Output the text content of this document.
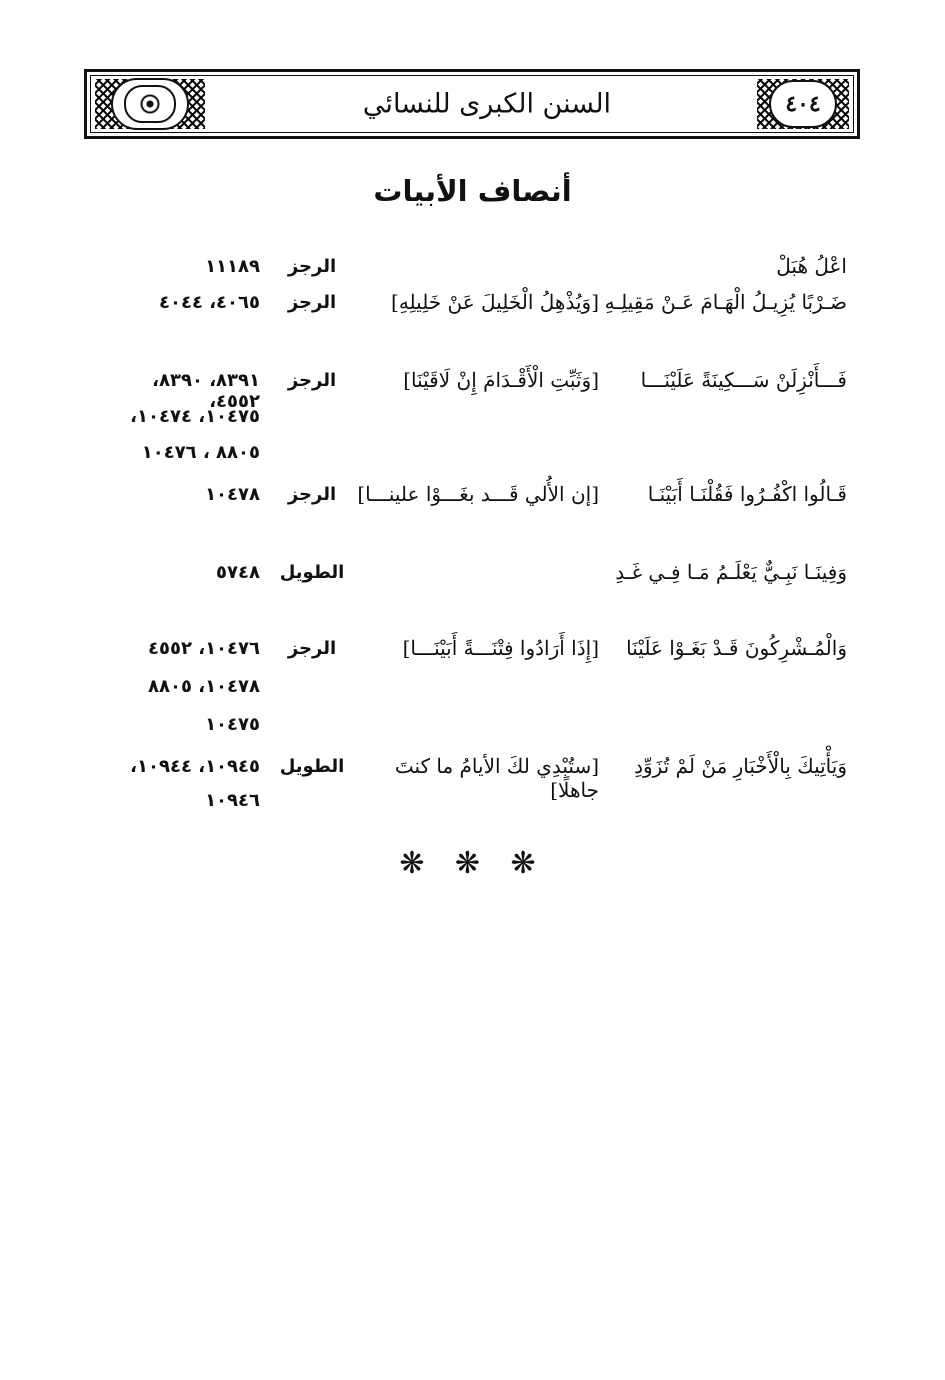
السنن الكبرى للنسائي	٤٠٤
أنصاف الأبيات
اعْلُ هُبَلْ
الرجز
١١١٨٩
ضَـرْبًا يُزِيـلُ الْهَـامَ عَـنْ مَقِيلِـهِ
[وَيُذْهِلُ الْخَلِيلَ عَنْ خَلِيلِهِ]
الرجز
٤٠٦٥، ٤٠٤٤
فَـــأَنْزِلَنْ سَـــكِينَةً عَلَيْنَـــا
[وَثَبِّتِ الْأَقْـدَامَ إِنْ لَاقَيْنَا]
الرجز
٨٣٩١، ٨٣٩٠، ٤٥٥٢،
١٠٤٧٥، ١٠٤٧٤،
٨٨٠٥ ، ١٠٤٧٦
قَـالُوا اكْفُـرُوا فَقُلْنَـا أَبَيْنَـا
[إن الأُلي قَـــد بغَـــوْا علينـــا]
الرجز
١٠٤٧٨
وَفِينَـا نَبِـيٌّ يَعْلَـمُ مَـا فِـي غَـدِ
الطويل
٥٧٤٨
وَالْمُـشْرِكُونَ قَـدْ بَغَـوْا عَلَيْنَا
[إِذَا أَرَادُوا فِتْنَـــةً أَبَيْنَـــا]
الرجز
١٠٤٧٦، ٤٥٥٢
١٠٤٧٨، ٨٨٠٥
١٠٤٧٥
وَيَأْتِيكَ بِالْأَخْبَارِ مَنْ لَمْ تُزَوِّدِ
[ستُبْدِي لكَ الأيامُ ما كنتَ جاهلًا]
الطويل
١٠٩٤٥، ١٠٩٤٤،
١٠٩٤٦
❋ ❋ ❋
